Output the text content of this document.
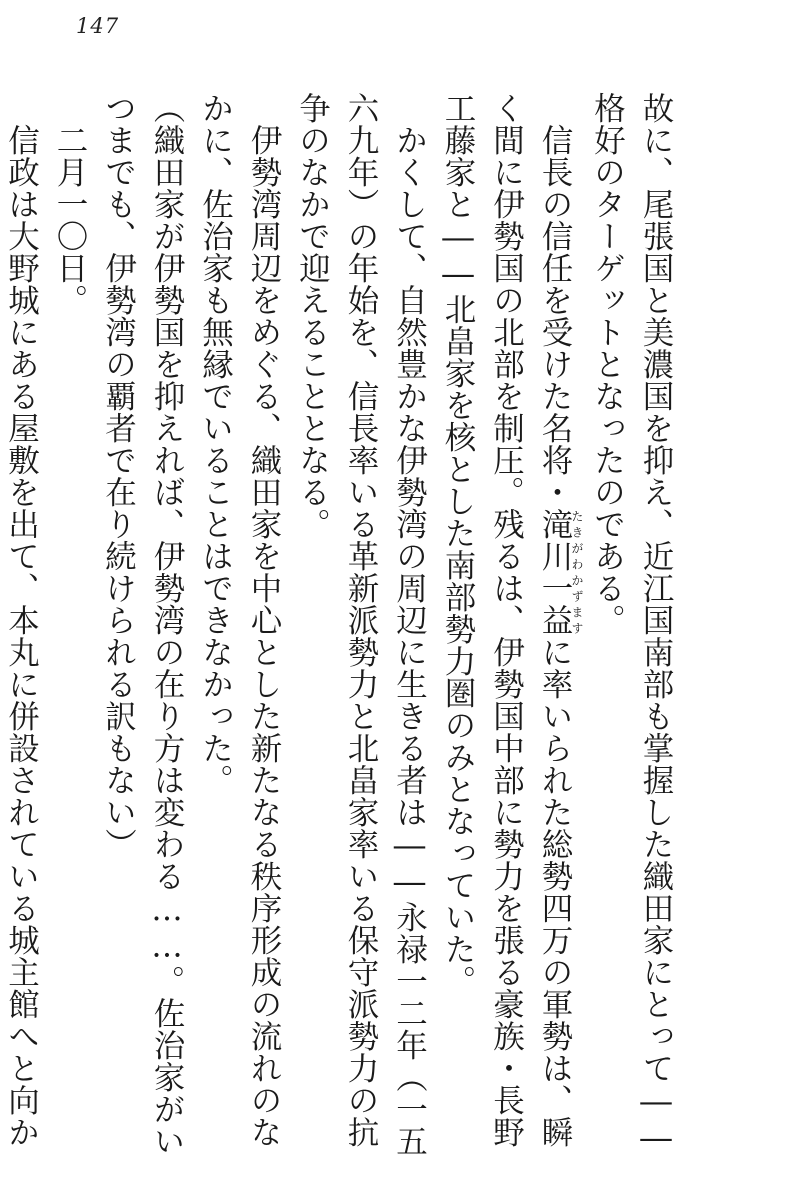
147

故に、尾張国と美濃国を抑え、近江国南部も掌握した織田家にとって――格好のターゲットとなったのである。

信長の信任を受けた名将・滝川一益たきがわかずますに率いられた総勢四万の軍勢は、瞬く間に伊勢国の北部を制圧。残るは、伊勢国中部に勢力を張る豪族・長野工藤家と――北畠家を核とした南部勢力圏のみとなっていた。

かくして、自然豊かな伊勢湾の周辺に生きる者は――永禄一二年（一五六九年）の年始を、信長率いる革新派勢力と北畠家率いる保守派勢力の抗争のなかで迎えることとなる。

伊勢湾周辺をめぐる、織田家を中心とした新たなる秩序形成の流れのなかに、佐治家も無縁でいることはできなかった。

（織田家が伊勢国を抑えれば、伊勢湾の在り方は変わる……。佐治家がいつまでも、伊勢湾の覇者で在り続けられる訳もない）

二月一〇日。

信政は大野城にある屋敷を出て、本丸に併設されている城主館へと向か
